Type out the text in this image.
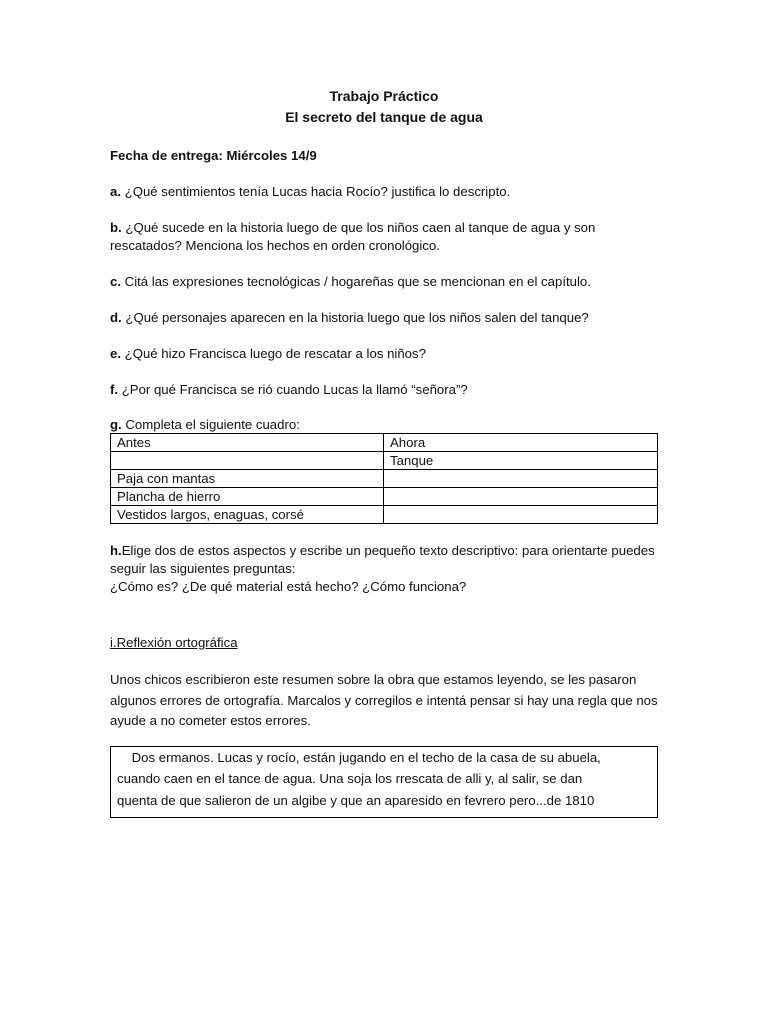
Trabajo Práctico
El secreto del tanque de agua
Fecha de entrega: Miércoles 14/9
a. ¿Qué sentimientos tenía Lucas hacia Rocío? justifica lo descripto.
b. ¿Qué sucede en la historia luego de que los niños caen al tanque de agua y son rescatados? Menciona los hechos en orden cronológico.
c. Citá las expresiones tecnológicas / hogareñas que se mencionan en el capítulo.
d. ¿Qué personajes aparecen en la historia luego que los niños salen del tanque?
e. ¿Qué hizo Francisca luego de rescatar a los niños?
f. ¿Por qué Francisca se rió cuando Lucas la llamó “señora”?
g. Completa el siguiente cuadro:
Antes	Ahora
	Tanque
Paja con mantas	
Plancha de hierro	
Vestidos largos, enaguas, corsé	
h.Elige dos de estos aspectos y escribe un pequeño texto descriptivo: para orientarte puedes seguir las siguientes preguntas:
¿Cómo es? ¿De qué material está hecho? ¿Cómo funciona?
i.Reflexión ortográfica
Unos chicos escribieron este resumen sobre la obra que estamos leyendo, se les pasaron algunos errores de ortografía. Marcalos y corregilos e intentá pensar si hay una regla que nos ayude a no cometer estos errores.
Dos ermanos. Lucas y rocío, están jugando en el techo de la casa de su abuela,
cuando caen en el tance de agua. Una soja los rrescata de alli y, al salir, se dan
quenta de que salieron de un algibe y que an aparesido en fevrero pero...de 1810
